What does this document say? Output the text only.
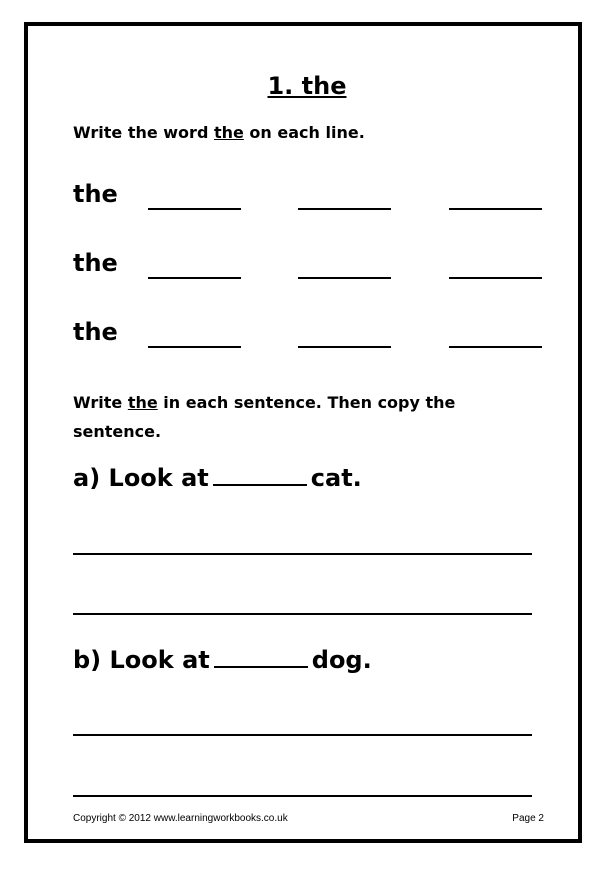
1. the
Write the word the on each line.
the
the
the
Write the in each sentence. Then copy the
sentence.
a) Look at	cat.
b) Look at	dog.
Copyright © 2012 www.learningworkbooks.co.uk	Page 2
